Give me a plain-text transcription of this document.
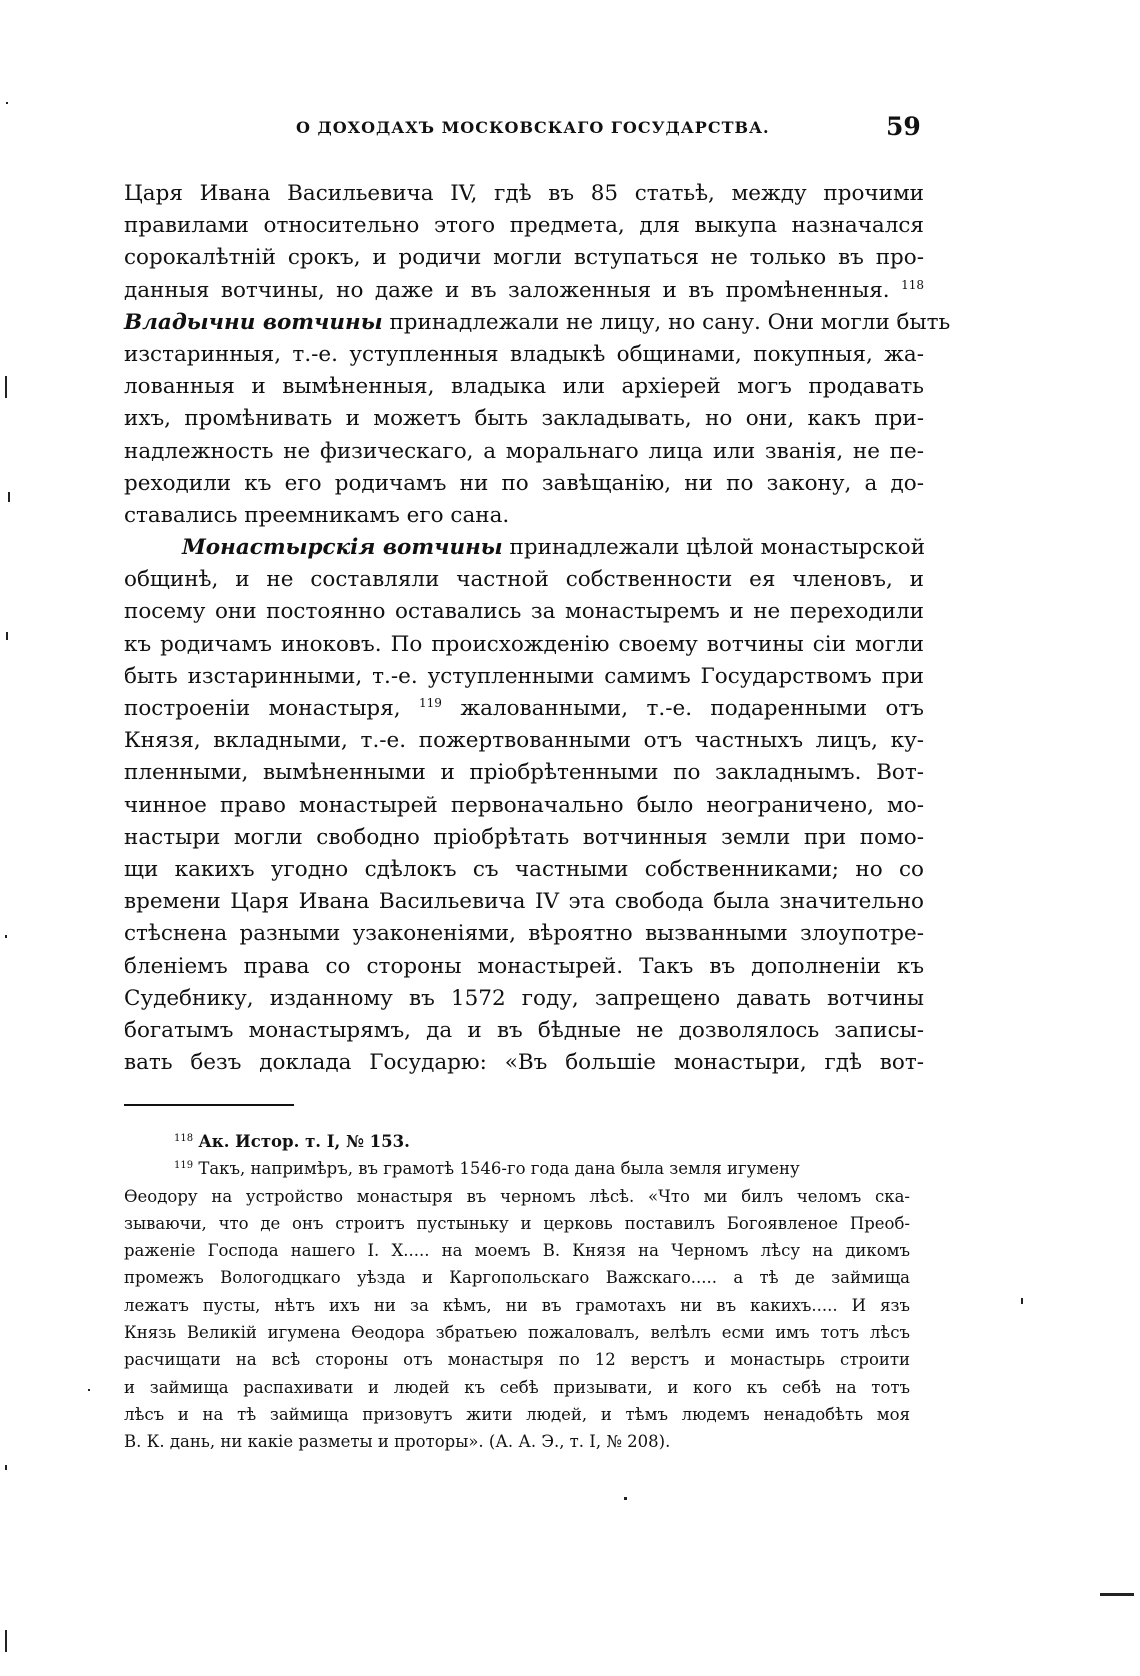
О ДОХОДАХЪ МОСКОВСКАГО ГОСУДАРСТВА.	59
Царя Ивана Васильевича IV, гдѣ въ 85 статьѣ, между прочими
правилами относительно этого предмета, для выкупа назначался
сорокалѣтній срокъ, и родичи могли вступаться не только въ про-
данныя вотчины, но даже и въ заложенныя и въ промѣненныя. $^{118}$
Владычни вотчины принадлежали не лицу, но сану. Они могли быть
изстаринныя, т.-е. уступленныя владыкѣ общинами, покупныя, жа-
лованныя и вымѣненныя, владыка или архіерей могъ продавать
ихъ, промѣнивать и можетъ быть закладывать, но они, какъ при-
надлежность не физическаго, а моральнаго лица или званія, не пе-
реходили къ его родичамъ ни по завѣщанію, ни по закону, а до-
ставались преемникамъ его сана.
Монастырскія вотчины принадлежали цѣлой монастырской
общинѣ, и не составляли частной собственности ея членовъ, и
посему они постоянно оставались за монастыремъ и не переходили
къ родичамъ иноковъ. По происхожденію своему вотчины сіи могли
быть изстаринными, т.-е. уступленными самимъ Государствомъ при
построеніи монастыря, $^{119}$ жалованными, т.-е. подаренными отъ
Князя, вкладными, т.-е. пожертвованными отъ частныхъ лицъ, ку-
пленными, вымѣненными и пріобрѣтенными по закладнымъ. Вот-
чинное право монастырей первоначально было неограничено, мо-
настыри могли свободно пріобрѣтать вотчинныя земли при помо-
щи какихъ угодно сдѣлокъ съ частными собственниками; но со
времени Царя Ивана Васильевича IV эта свобода была значительно
стѣснена разными узаконеніями, вѣроятно вызванными злоупотре-
бленіемъ права со стороны монастырей. Такъ въ дополненіи къ
Судебнику, изданному въ 1572 году, запрещено давать вотчины
богатымъ монастырямъ, да и въ бѣдные не дозволялось записы-
вать безъ доклада Государю: «Въ большіе монастыри, гдѣ вот-
$^{118}$ Ак. Истор. т. I, № 153.
$^{119}$ Такъ, напримѣръ, въ грамотѣ 1546-го года дана была земля игумену
Ѳеодору на устройство монастыря въ черномъ лѣсѣ. «Что ми билъ челомъ ска-
зываючи, что де онъ строитъ пустыньку и церковь поставилъ Богоявленое Преоб-
раженіе Господа нашего І. Х..... на моемъ В. Князя на Черномъ лѣсу на дикомъ
промежъ Вологодцкаго уѣзда и Каргопольскаго Важскаго..... а тѣ де займища
лежатъ пусты, нѣтъ ихъ ни за кѣмъ, ни въ грамотахъ ни въ какихъ..... И язъ
Князь Великій игумена Ѳеодора збратьею пожаловалъ, велѣлъ есми имъ тотъ лѣсъ
расчищати на всѣ стороны отъ монастыря по 12 верстъ и монастырь строити
и займища распахивати и людей къ себѣ призывати, и кого къ себѣ на тотъ
лѣсъ и на тѣ займища призовутъ жити людей, и тѣмъ людемъ ненадобѣть моя
В. К. дань, ни какіе разметы и проторы». (А. А. Э., т. I, № 208).
